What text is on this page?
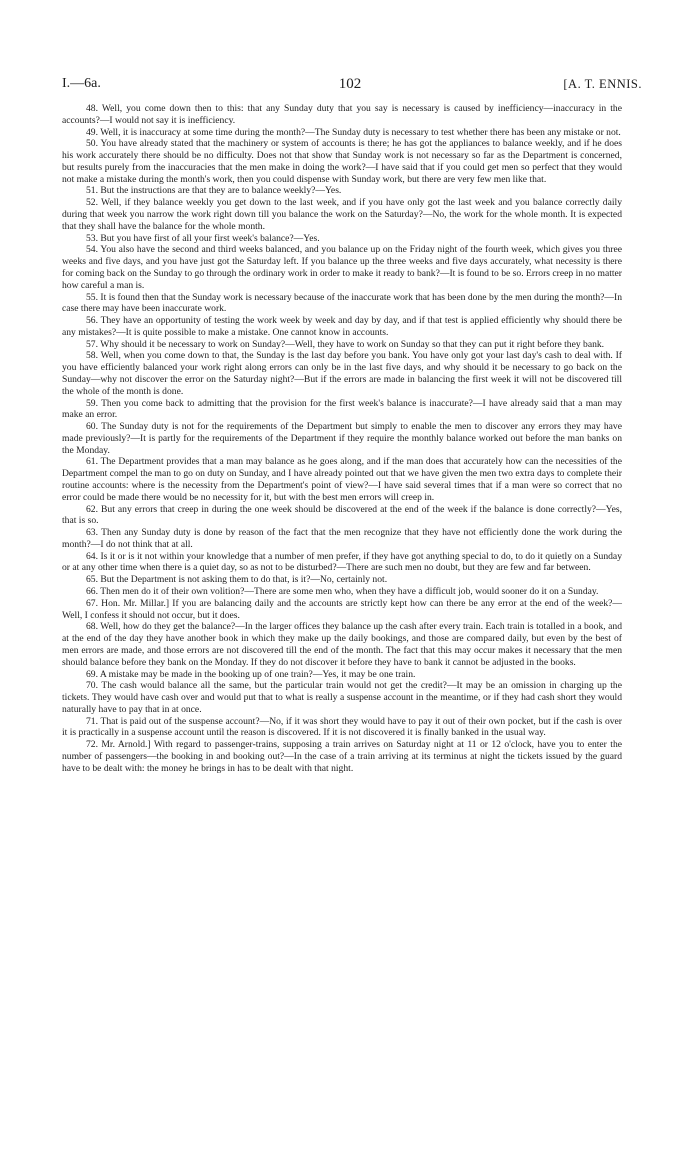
I.—6a.	102	[A. T. ENNIS.

48. Well, you come down then to this: that any Sunday duty that you say is necessary is caused by inefficiency—inaccuracy in the accounts?—I would not say it is inefficiency.

49. Well, it is inaccuracy at some time during the month?—The Sunday duty is necessary to test whether there has been any mistake or not.

50. You have already stated that the machinery or system of accounts is there; he has got the appliances to balance weekly, and if he does his work accurately there should be no difficulty. Does not that show that Sunday work is not necessary so far as the Department is concerned, but results purely from the inaccuracies that the men make in doing the work?—I have said that if you could get men so perfect that they would not make a mistake during the month's work, then you could dispense with Sunday work, but there are very few men like that.

51. But the instructions are that they are to balance weekly?—Yes.

52. Well, if they balance weekly you get down to the last week, and if you have only got the last week and you balance correctly daily during that week you narrow the work right down till you balance the work on the Saturday?—No, the work for the whole month. It is expected that they shall have the balance for the whole month.

53. But you have first of all your first week's balance?—Yes.

54. You also have the second and third weeks balanced, and you balance up on the Friday night of the fourth week, which gives you three weeks and five days, and you have just got the Saturday left. If you balance up the three weeks and five days accurately, what necessity is there for coming back on the Sunday to go through the ordinary work in order to make it ready to bank?—It is found to be so. Errors creep in no matter how careful a man is.

55. It is found then that the Sunday work is necessary because of the inaccurate work that has been done by the men during the month?—In case there may have been inaccurate work.

56. They have an opportunity of testing the work week by week and day by day, and if that test is applied efficiently why should there be any mistakes?—It is quite possible to make a mistake. One cannot know in accounts.

57. Why should it be necessary to work on Sunday?—Well, they have to work on Sunday so that they can put it right before they bank.

58. Well, when you come down to that, the Sunday is the last day before you bank. You have only got your last day's cash to deal with. If you have efficiently balanced your work right along errors can only be in the last five days, and why should it be necessary to go back on the Sunday—why not discover the error on the Saturday night?—But if the errors are made in balancing the first week it will not be discovered till the whole of the month is done.

59. Then you come back to admitting that the provision for the first week's balance is inaccurate?—I have already said that a man may make an error.

60. The Sunday duty is not for the requirements of the Department but simply to enable the men to discover any errors they may have made previously?—It is partly for the requirements of the Department if they require the monthly balance worked out before the man banks on the Monday.

61. The Department provides that a man may balance as he goes along, and if the man does that accurately how can the necessities of the Department compel the man to go on duty on Sunday, and I have already pointed out that we have given the men two extra days to complete their routine accounts: where is the necessity from the Department's point of view?—I have said several times that if a man were so correct that no error could be made there would be no necessity for it, but with the best men errors will creep in.

62. But any errors that creep in during the one week should be discovered at the end of the week if the balance is done correctly?—Yes, that is so.

63. Then any Sunday duty is done by reason of the fact that the men recognize that they have not efficiently done the work during the month?—I do not think that at all.

64. Is it or is it not within your knowledge that a number of men prefer, if they have got anything special to do, to do it quietly on a Sunday or at any other time when there is a quiet day, so as not to be disturbed?—There are such men no doubt, but they are few and far between.

65. But the Department is not asking them to do that, is it?—No, certainly not.

66. Then men do it of their own volition?—There are some men who, when they have a difficult job, would sooner do it on a Sunday.

67. Hon. Mr. Millar.] If you are balancing daily and the accounts are strictly kept how can there be any error at the end of the week?—Well, I confess it should not occur, but it does.

68. Well, how do they get the balance?—In the larger offices they balance up the cash after every train. Each train is totalled in a book, and at the end of the day they have another book in which they make up the daily bookings, and those are compared daily, but even by the best of men errors are made, and those errors are not discovered till the end of the month. The fact that this may occur makes it necessary that the men should balance before they bank on the Monday. If they do not discover it before they have to bank it cannot be adjusted in the books.

69. A mistake may be made in the booking up of one train?—Yes, it may be one train.

70. The cash would balance all the same, but the particular train would not get the credit?—It may be an omission in charging up the tickets. They would have cash over and would put that to what is really a suspense account in the meantime, or if they had cash short they would naturally have to pay that in at once.

71. That is paid out of the suspense account?—No, if it was short they would have to pay it out of their own pocket, but if the cash is over it is practically in a suspense account until the reason is discovered. If it is not discovered it is finally banked in the usual way.

72. Mr. Arnold.] With regard to passenger-trains, supposing a train arrives on Saturday night at 11 or 12 o'clock, have you to enter the number of passengers—the booking in and booking out?—In the case of a train arriving at its terminus at night the tickets issued by the guard have to be dealt with: the money he brings in has to be dealt with that night.
